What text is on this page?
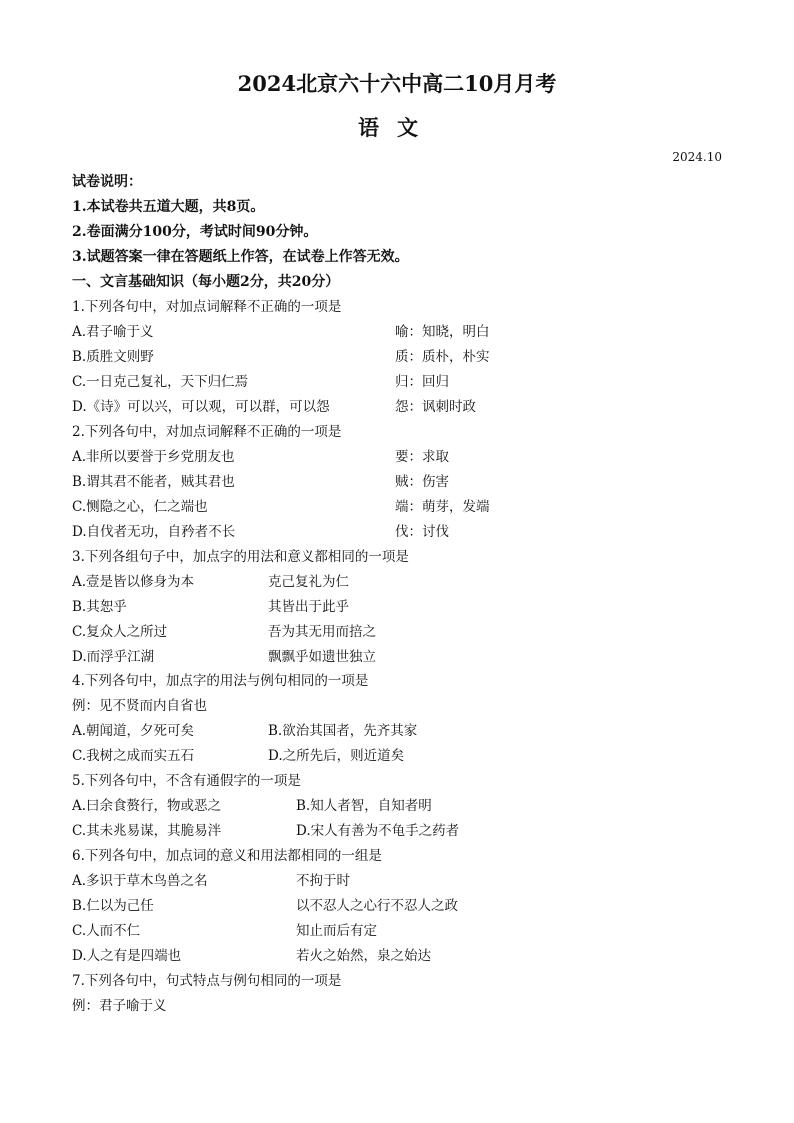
2024北京六十六中高二10月月考
语文
2024.10
试卷说明：
1.本试卷共五道大题，共8页。
2.卷面满分100分，考试时间90分钟。
3.试题答案一律在答题纸上作答，在试卷上作答无效。
一、文言基础知识（每小题2分，共20分）
1.下列各句中，对加点词解释不正确的一项是
A.君子喻于义	喻：知晓，明白
B.质胜文则野	质：质朴，朴实
C.一日克己复礼，天下归仁焉	归：回归
D.《诗》可以兴，可以观，可以群，可以怨	怨：讽刺时政
2.下列各句中，对加点词解释不正确的一项是
A.非所以要誉于乡党朋友也	要：求取
B.谓其君不能者，贼其君也	贼：伤害
C.恻隐之心，仁之端也	端：萌芽，发端
D.自伐者无功，自矜者不长	伐：讨伐
3.下列各组句子中，加点字的用法和意义都相同的一项是
A.壹是皆以修身为本	克己复礼为仁
B.其恕乎	其皆出于此乎
C.复众人之所过	吾为其无用而掊之
D.而浮乎江湖	飘飘乎如遗世独立
4.下列各句中，加点字的用法与例句相同的一项是
例：见不贤而内自省也
A.朝闻道，夕死可矣	B.欲治其国者，先齐其家
C.我树之成而实五石	D.之所先后，则近道矣
5.下列各句中，不含有通假字的一项是
A.曰余食赘行，物或恶之	B.知人者智，自知者明
C.其未兆易谋，其脆易泮	D.宋人有善为不龟手之药者
6.下列各句中，加点词的意义和用法都相同的一组是
A.多识于草木鸟兽之名	不拘于时
B.仁以为己任	以不忍人之心行不忍人之政
C.人而不仁	知止而后有定
D.人之有是四端也	若火之始然，泉之始达
7.下列各句中，句式特点与例句相同的一项是
例：君子喻于义
